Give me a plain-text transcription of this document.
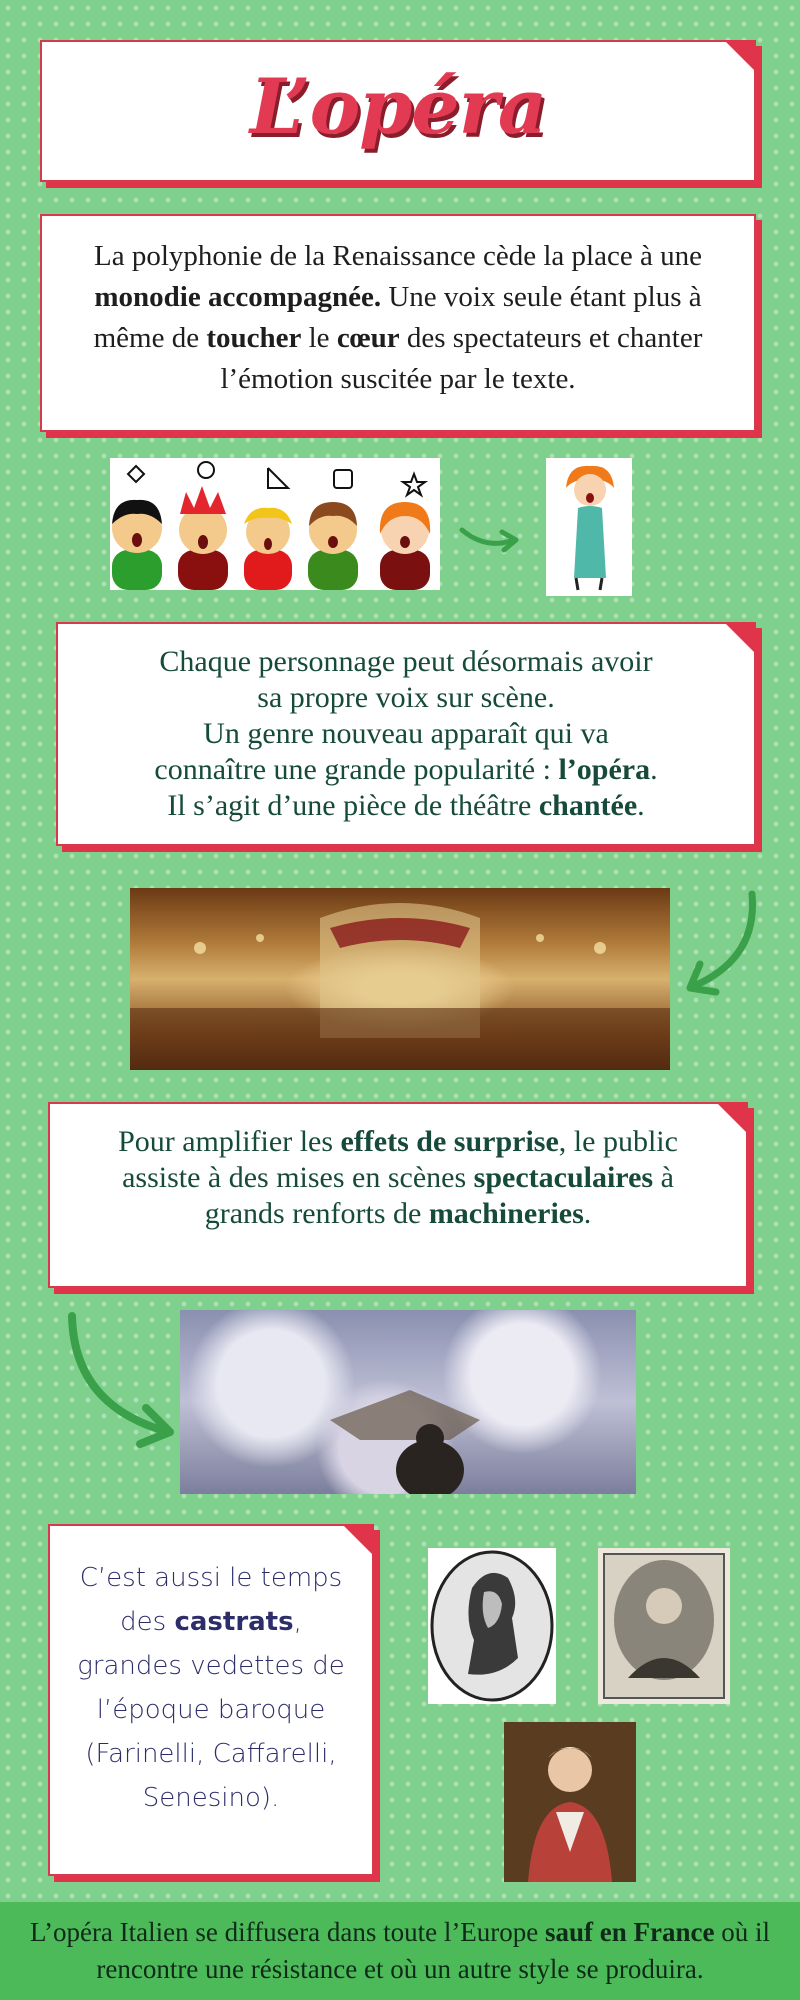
L’opéra
La polyphonie de la Renaissance cède la place à une monodie accompagnée. Une voix seule étant plus à même de toucher le cœur des spectateurs et chanter l’émotion suscitée par le texte.
Chaque personnage peut désormais avoir
sa propre voix sur scène.
Un genre nouveau apparaît qui va
connaître une grande popularité : l’opéra.
Il s’agit d’une pièce de théâtre chantée.
Pour amplifier les effets de surprise, le public assiste à des mises en scènes spectaculaires à grands renforts de machineries.
C’est aussi le temps des castrats, grandes vedettes de l’époque baroque (Farinelli, Caffarelli, Senesino).
L’opéra Italien se diffusera dans toute l’Europe sauf en France où il rencontre une résistance et où un autre style se produira.
